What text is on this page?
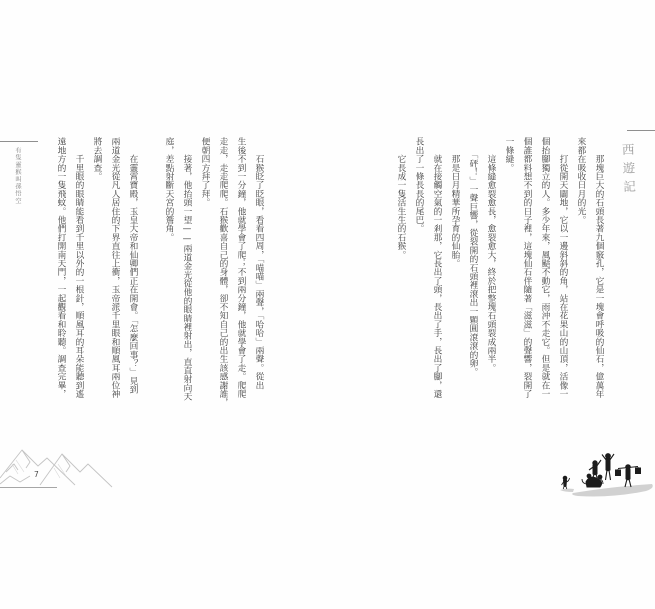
西遊記
有隻靈猴叫孫悟空
7
　　那塊巨大的石頭長著九個竅孔，它是一塊會呼吸的仙石，億萬年
來都在吸收日月的光。
　　打從開天闢地，它以一邊斜斜的角，站在花果山的山頂，活像一
個抬腳獨立的人。多少年來，風颳不動它，雨沖不走它。但是就在一
個誰都料想不到的日子裡，這塊仙石伴隨著「滋滋」的聲響，裂開了
一條縫。
　　這條縫愈裂愈長，愈裂愈大，終於把整塊石頭裂成兩半。
　　「砰！」一聲巨響，從裂開的石頭裡滾出一顆圓滾滾的卵。
　　那是日月精華所孕育的仙胎。
　　就在接觸空氣的一剎那，它長出了頭，長出了手，長出了腳，還
長出了一條長長的尾巴。
　　它長成一隻活生生的石猴。
　　石猴眨了眨眼，看看四周，「喵喵」兩聲，「哈哈」兩聲。從出
生後不到一分鐘，他就學會了爬；不到兩分鐘，他就學會了走。爬爬
走走，走走爬爬。石猴歡喜自己的身體，卻不知自己的出生該感謝誰，
便朝四方拜了拜。
　　接著，他抬頭一望——兩道金光從他的眼睛裡射出，直直射向天
庭，差點射斷天宮的簷角。
　　在靈霄寶殿，玉皇大帝和仙卿們正在開會。「怎麼回事？」見到
兩道金光從凡人居住的下界直往上衝，玉帝派千里眼和順風耳兩位神
將去調查。
　　千里眼的眼睛能看到千里以外的一根針，順風耳的耳朵能聽到遙
遠地方的一隻飛蚊。他們打開南天門，一起觀看和聆聽。調查完畢，
